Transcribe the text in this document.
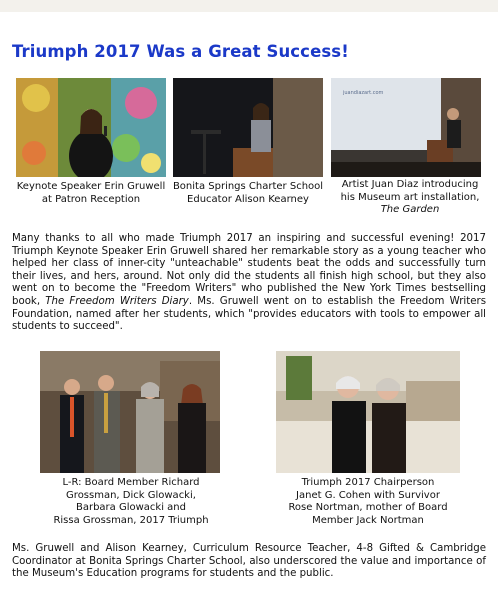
Triumph 2017 Was a Great Success!
juandiazart.com
Keynote Speaker Erin Gruwell
at Patron Reception
Bonita Springs Charter School
Educator Alison Kearney
Artist Juan Diaz introducing
his Museum art installation,
The Garden

Many thanks to all who made Triumph 2017 an inspiring and successful evening! 2017 Triumph Keynote Speaker Erin Gruwell shared her remarkable story as a young teacher who helped her class of inner-city "unteachable" students beat the odds and successfully turn their lives, and hers, around. Not only did the students all finish high school, but they also went on to become the "Freedom Writers" who published the New York Times bestselling book, The Freedom Writers Diary. Ms. Gruwell went on to establish the Freedom Writers Foundation, named after her students, which "provides educators with tools to empower all students to succeed".

L-R: Board Member Richard
Grossman, Dick Glowacki,
Barbara Glowacki and
Rissa Grossman, 2017 Triumph
Triumph 2017 Chairperson
Janet G. Cohen with Survivor
Rose Nortman, mother of Board
Member Jack Nortman

Ms. Gruwell and Alison Kearney, Curriculum Resource Teacher, 4-8 Gifted & Cambridge Coordinator at Bonita Springs Charter School, also underscored the value and importance of the Museum's Education programs for students and the public.
